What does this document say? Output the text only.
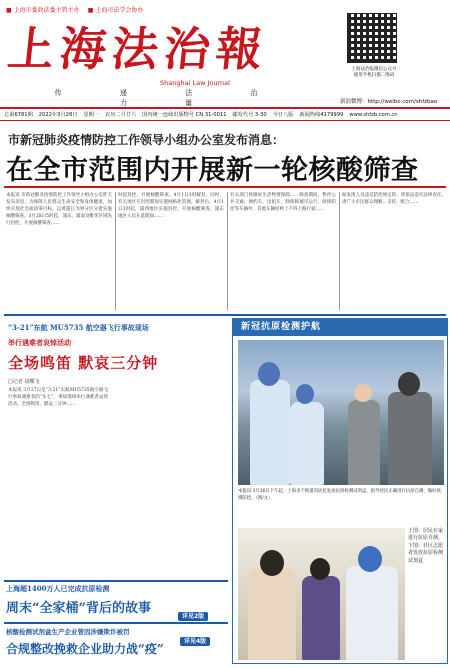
■ 上海市委政法委主管主办
■	上海市法学会协办
上海法治報
Shanghai Law Journal
传 递 法 治 力 量
上海法治报微信公众号
使用手机扫描二维码
新浪微博：http://weibo.com/shfzbao
总第6781期 2022年3月28日 星期一 农历二月廿六 国内统一连续出版物号 CN 31-0011 邮发代号 3-30 今日八版 新闻热线4179999 www.shfzb.com.cn
市新冠肺炎疫情防控工作领导小组办公室发布消息：
在全市范围内开展新一轮核酸筛查
本报讯 市新冠肺炎疫情防控工作领导小组办公室昨天发布消息，为保障人民群众生命安全和身体健康，加快实现社会面清零目标，以黄浦江为界分区分批实施核酸筛查。3月28日5时起，浦东、浦南及毗邻区域先行封控，开展核酸筛查……
时起封控，开展核酸筛查。4月1日3时解封。同时，有关地区在封控期间实施网格化管理。解封后，4月1日3时起，浦西地区实施封控，开展核酸筛查。浦东地区人员在此期间……
有关部门将做好生活物资保障……筛查期间，暂停公共交通、网约车、出租车，除保障城市运行、疫情防控等车辆外，其他车辆原则上不得上路行驶……
如发现人员违反防控规定的，将依法追究法律责任。请广大市民群众理解、支持、配合……
“3-21”东航 MU5735 航空器飞行事故现场
举行遇难者哀悼活动
全场鸣笛 默哀三分钟
□记者 胡蝶飞
本报讯 3月27日是“3·21”东航MU5735航空器飞行事故遇难者的“头七”，事故现场举行遇难者哀悼活动，全场鸣笛，默哀三分钟……
新冠抗原检测护航
本报讯 3月26日下午起，上海多个街道向居民发放抗原检测试剂盒，指导居民正确进行抗原自测，做好疫情防控。（图/文）
上图：居民在家进行抗原自测。下图：社区志愿者发放抗原检测试剂盒
上海超1400万人已完成抗原检测
周末“全家桶”背后的故事
详见2版
核酸检测试剂盒生产企业曾因涉嫌欺诈被罚
合规整改挽救企业助力战“疫”
详见4版
